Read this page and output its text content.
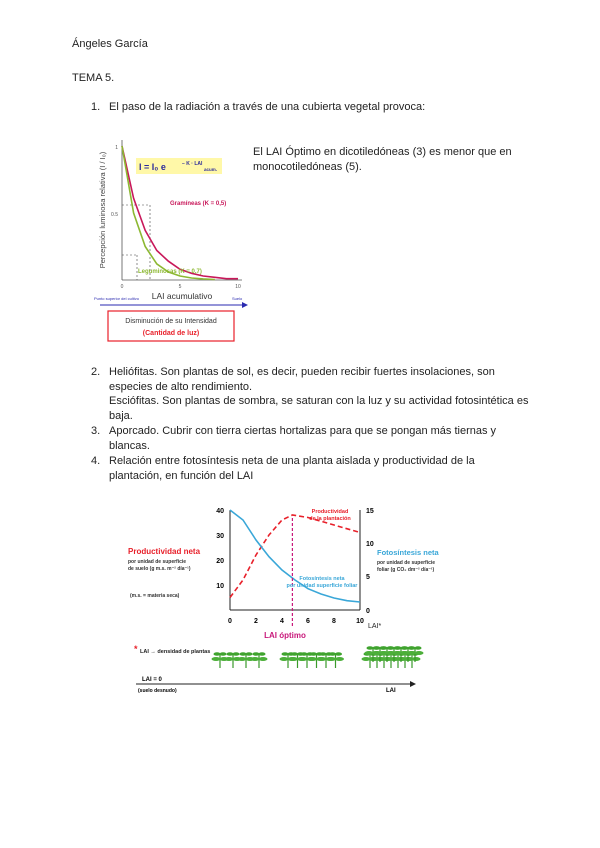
Ángeles García
TEMA 5.
1. El paso de la radiación a través de una cubierta vegetal provoca:
El LAI Óptimo en dicotiledóneas (3) es menor que en monocotiledóneas (5).
Percepción luminosa relativa (I / I₀)
1
0.5
0	5	10
I = I₀ e	− K · LAI
acum.
Gramíneas (K = 0,5)
Leguminosas (K = 0,7)
LAI acumulativo
Punto superior del cultivo	Suelo
Disminución de su Intensidad
(Cantidad de luz)
2. Heliófitas. Son plantas de sol, es decir, pueden recibir fuertes insolaciones, son especies de alto rendimiento.
Esciófitas. Son plantas de sombra, se saturan con la luz y su actividad fotosintética es baja.
3. Aporcado. Cubrir con tierra ciertas hortalizas para que se pongan más tiernas y blancas.
4. Relación entre fotosíntesis neta de una planta aislada y productividad de la plantación, en función del LAI
Productividad neta
por unidad de superficie
de suelo (g m.s. m⁻² día⁻¹)
(m.s. = materia seca)
Fotosíntesis neta
por unidad de superficie
foliar (g CO₂ dm⁻² día⁻¹)
40
30
20
10
15
10
5
0
0	2	4	6	8	10
LAI*
Productividad
de la plantación
Fotosíntesis neta
por unidad superficie foliar
LAI óptimo
* LAI → densidad de plantas
LAI = 0
(suelo desnudo)	LAI
